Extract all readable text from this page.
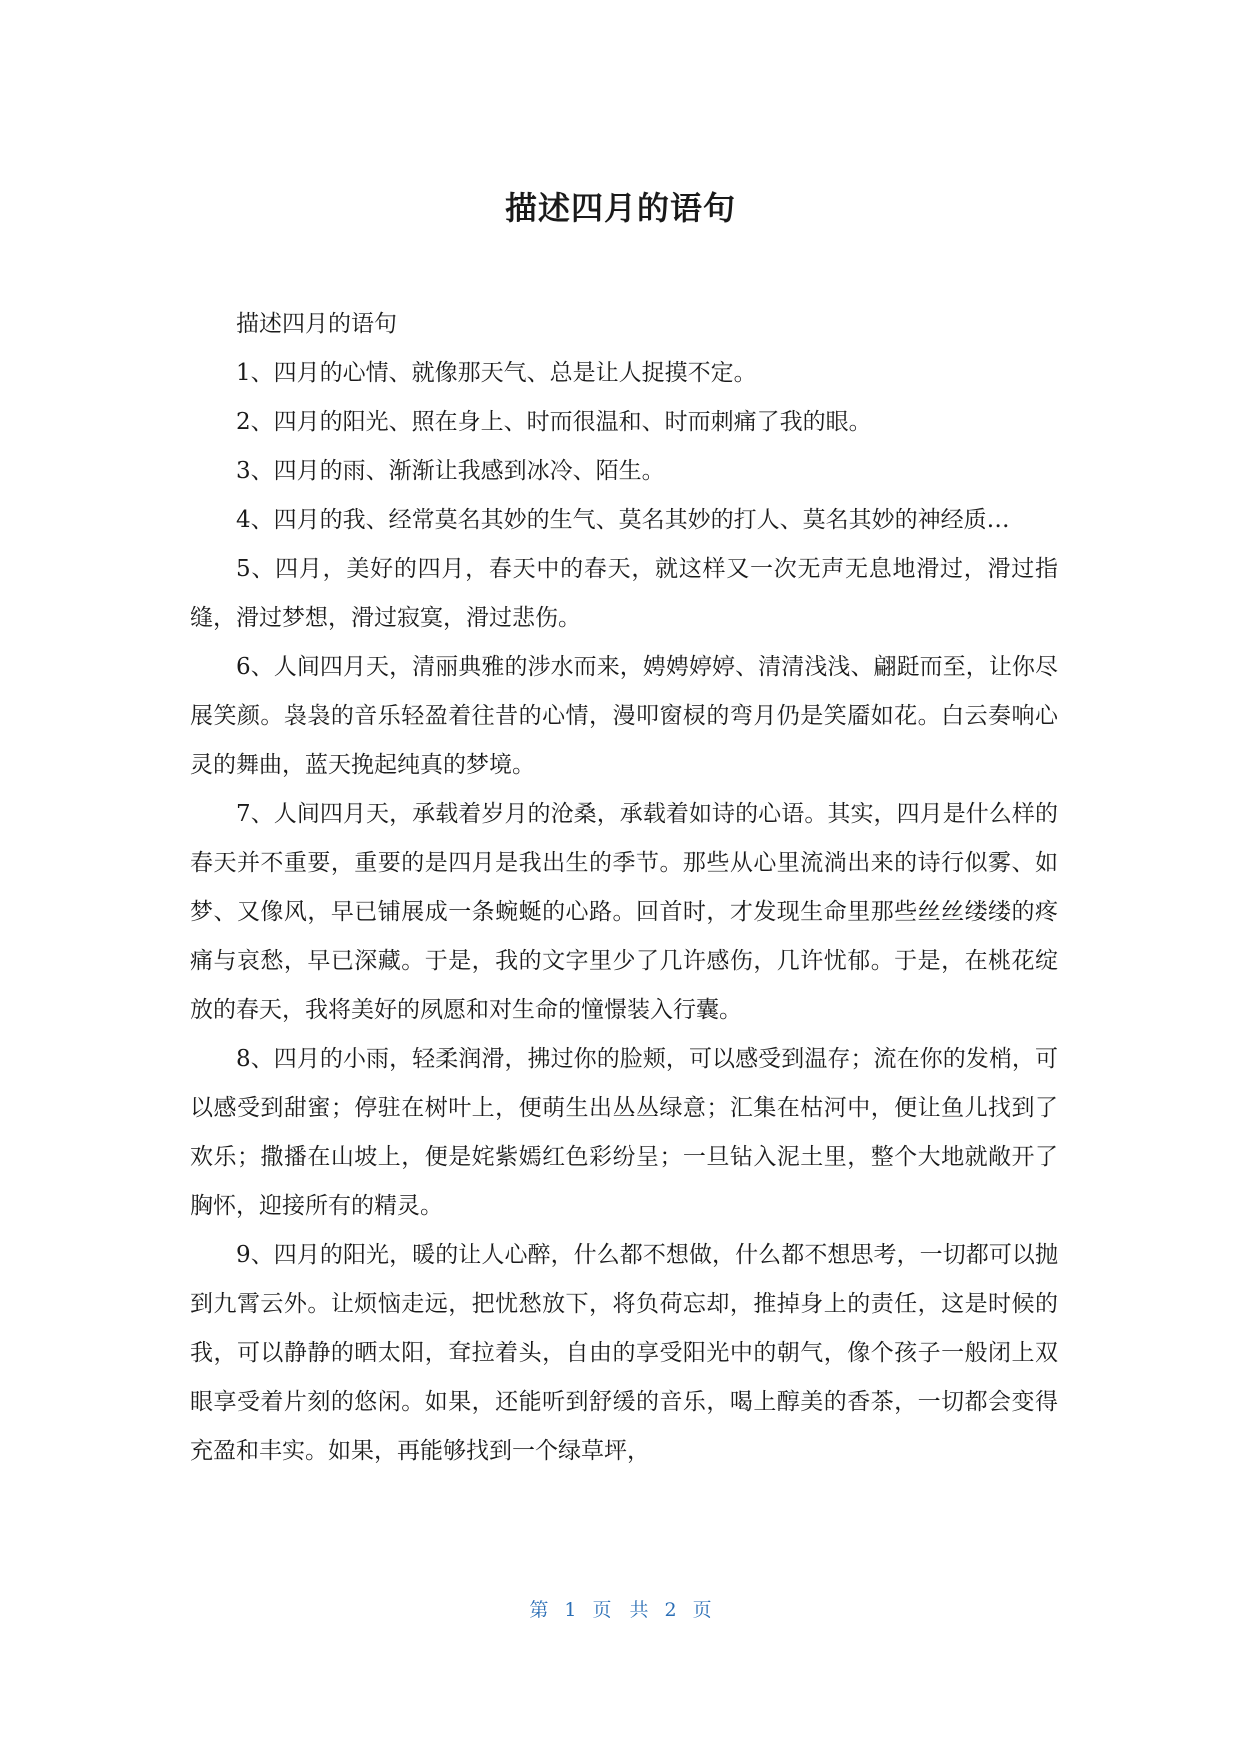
描述四月的语句

描述四月的语句

1、四月的心情、就像那天气、总是让人捉摸不定。

2、四月的阳光、照在身上、时而很温和、时而刺痛了我的眼。

3、四月的雨、渐渐让我感到冰冷、陌生。

4、四月的我、经常莫名其妙的生气、莫名其妙的打人、莫名其妙的神经质…

5、四月，美好的四月，春天中的春天，就这样又一次无声无息地滑过，滑过指缝，滑过梦想，滑过寂寞，滑过悲伤。

6、人间四月天，清丽典雅的涉水而来，娉娉婷婷、清清浅浅、翩跹而至，让你尽展笑颜。袅袅的音乐轻盈着往昔的心情，漫叩窗棂的弯月仍是笑靥如花。白云奏响心灵的舞曲，蓝天挽起纯真的梦境。

7、人间四月天，承载着岁月的沧桑，承载着如诗的心语。其实，四月是什么样的春天并不重要，重要的是四月是我出生的季节。那些从心里流淌出来的诗行似雾、如梦、又像风，早已铺展成一条蜿蜒的心路。回首时，才发现生命里那些丝丝缕缕的疼痛与哀愁，早已深藏。于是，我的文字里少了几许感伤，几许忧郁。于是，在桃花绽放的春天，我将美好的夙愿和对生命的憧憬装入行囊。

8、四月的小雨，轻柔润滑，拂过你的脸颊，可以感受到温存；流在你的发梢，可以感受到甜蜜；停驻在树叶上，便萌生出丛丛绿意；汇集在枯河中，便让鱼儿找到了欢乐；撒播在山坡上，便是姹紫嫣红色彩纷呈；一旦钻入泥土里，整个大地就敞开了胸怀，迎接所有的精灵。

9、四月的阳光，暖的让人心醉，什么都不想做，什么都不想思考，一切都可以抛到九霄云外。让烦恼走远，把忧愁放下，将负荷忘却，推掉身上的责任，这是时候的我，可以静静的晒太阳，耷拉着头，自由的享受阳光中的朝气，像个孩子一般闭上双眼享受着片刻的悠闲。如果，还能听到舒缓的音乐，喝上醇美的香茶，一切都会变得充盈和丰实。如果，再能够找到一个绿草坪，

第 1 页 共 2 页
